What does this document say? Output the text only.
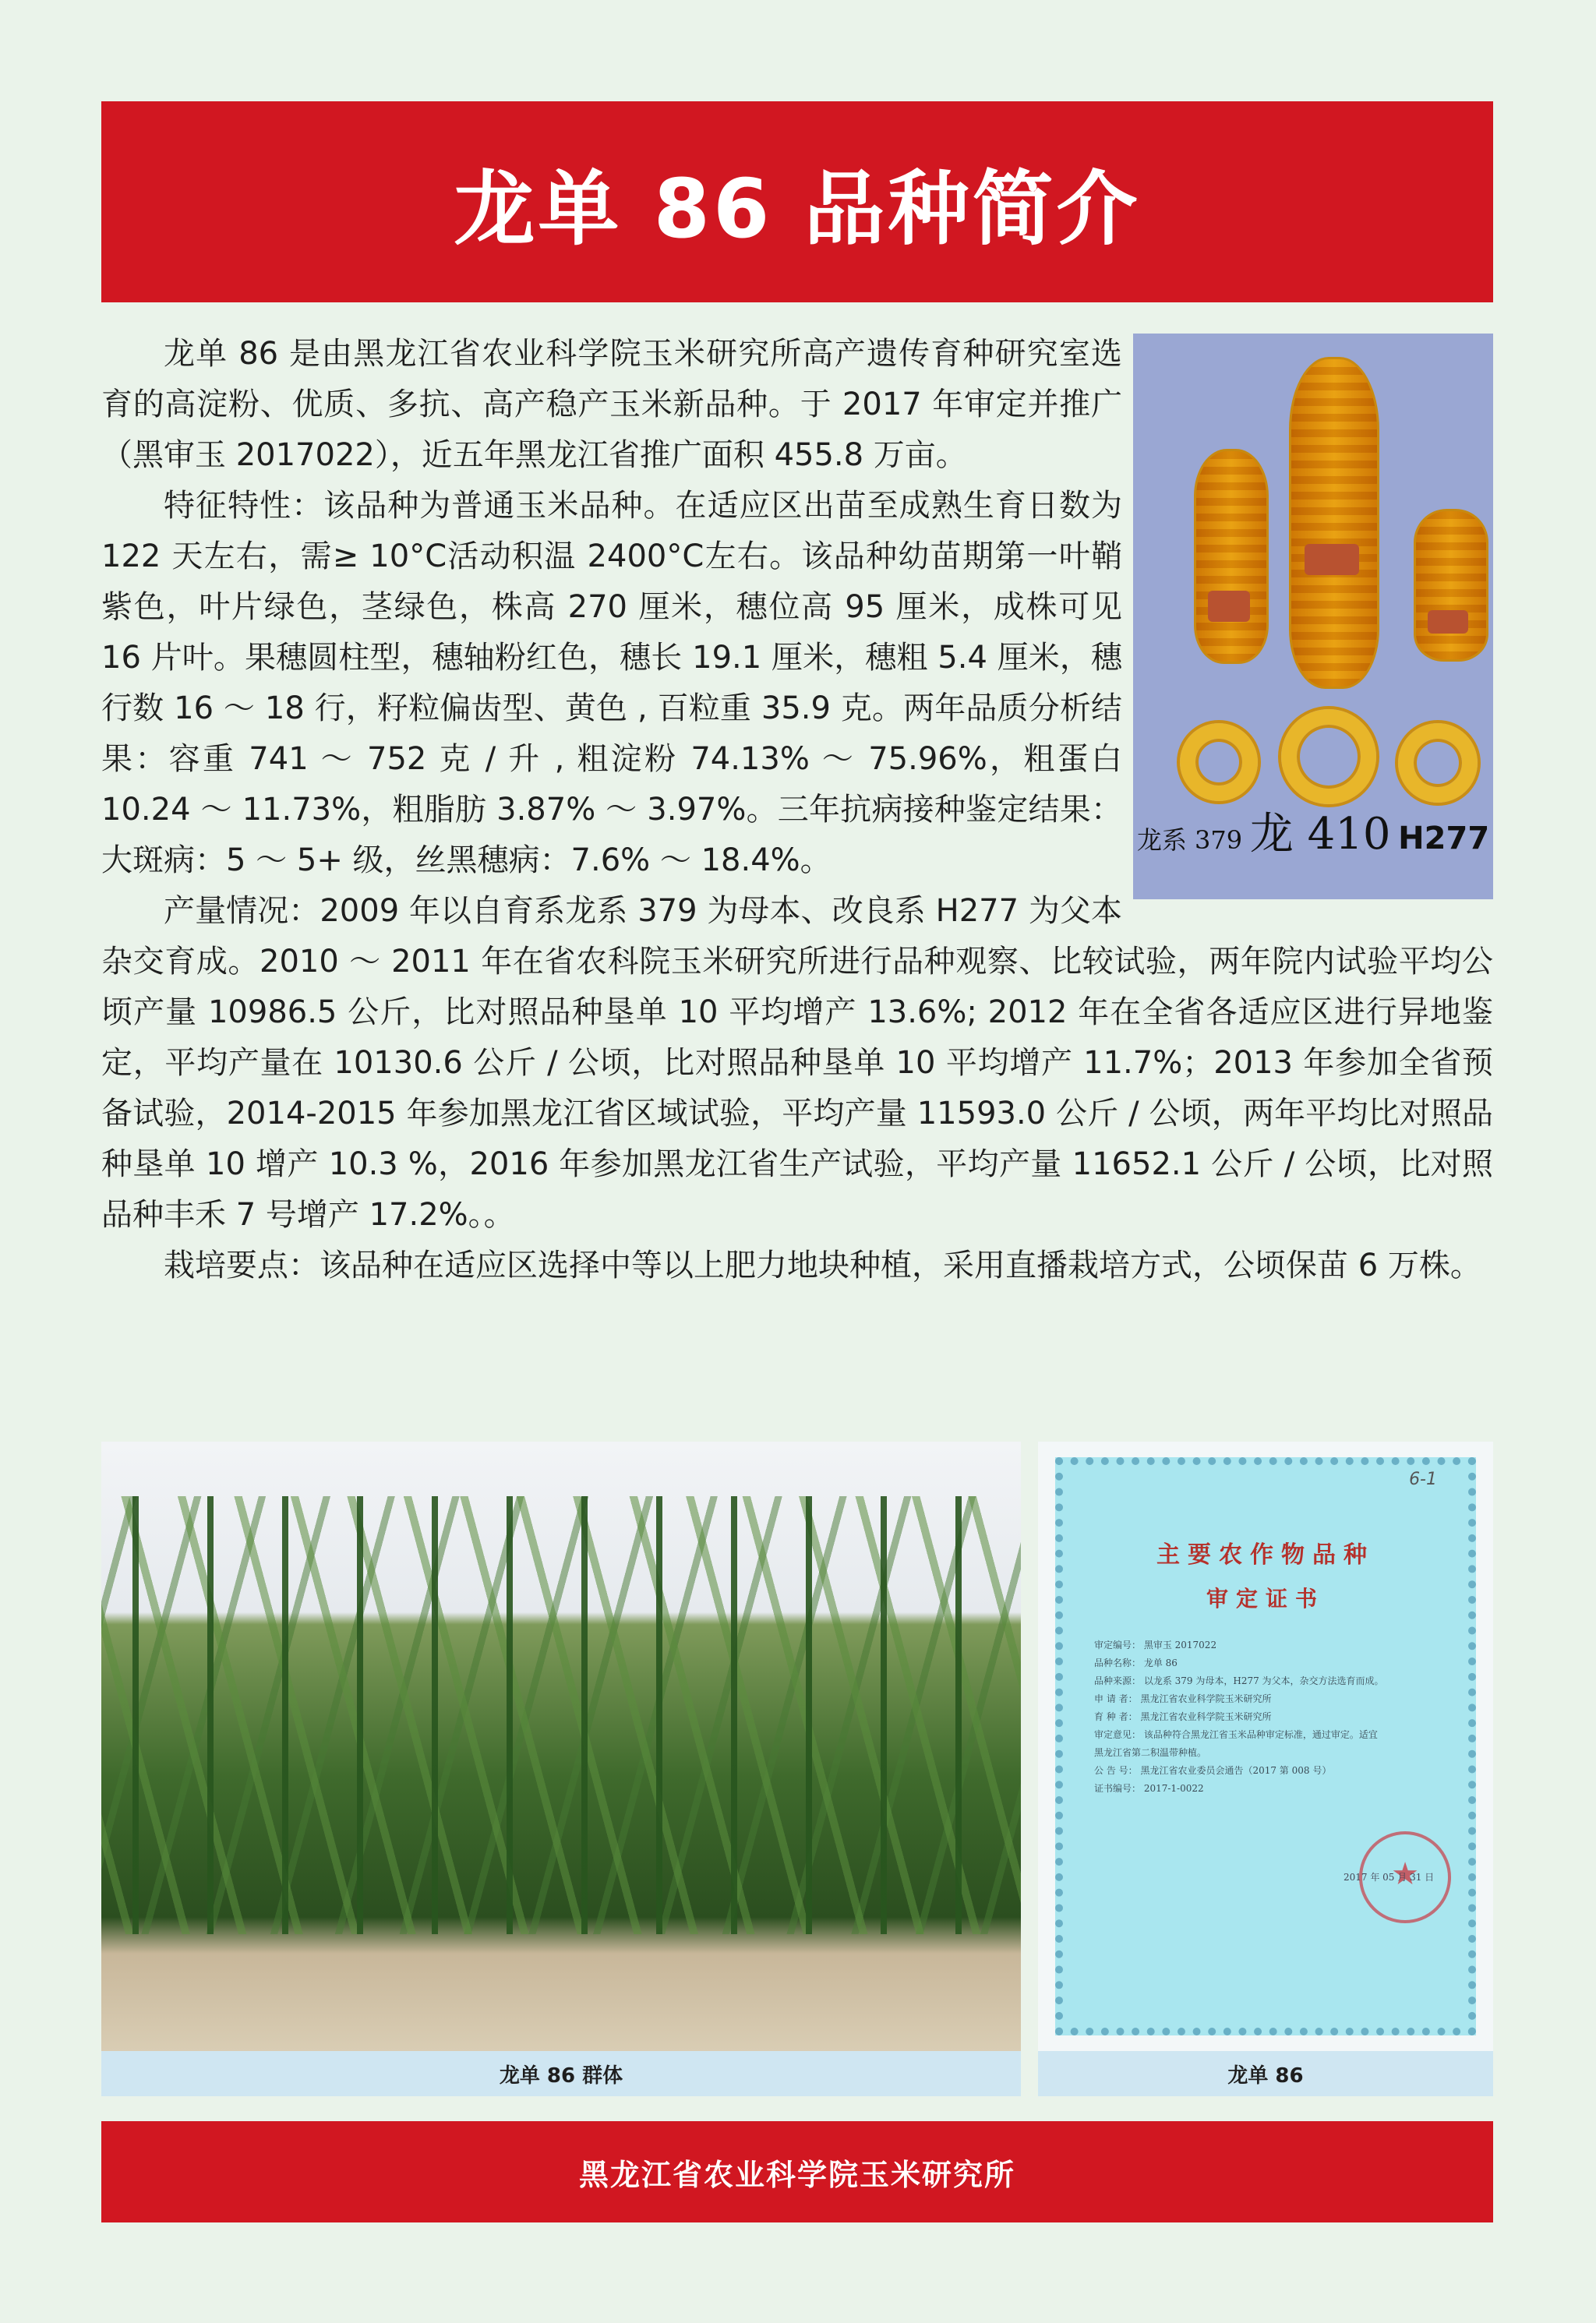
龙单 86 品种简介
龙系 379 龙 410 H277

龙单 86 是由黑龙江省农业科学院玉米研究所高产遗传育种研究室选育的高淀粉、优质、多抗、高产稳产玉米新品种。于 2017 年审定并推广（黑审玉 2017022），近五年黑龙江省推广面积 455.8 万亩。

特征特性：该品种为普通玉米品种。在适应区出苗至成熟生育日数为 122 天左右，需≥ 10°C活动积温 2400°C左右。该品种幼苗期第一叶鞘紫色，叶片绿色，茎绿色，株高 270 厘米，穗位高 95 厘米，成株可见 16 片叶。果穗圆柱型，穗轴粉红色，穗长 19.1 厘米，穗粗 5.4 厘米，穗行数 16 ～ 18 行，籽粒偏齿型、黄色 , 百粒重 35.9 克。两年品质分析结果：容重 741 ～ 752 克 / 升 , 粗淀粉 74.13% ～ 75.96%，粗蛋白 10.24 ～ 11.73%，粗脂肪 3.87% ～ 3.97%。三年抗病接种鉴定结果：大斑病：5 ～ 5+ 级，丝黑穗病：7.6% ～ 18.4%。

产量情况：2009 年以自育系龙系 379 为母本、改良系 H277 为父本杂交育成。2010 ～ 2011 年在省农科院玉米研究所进行品种观察、比较试验，两年院内试验平均公顷产量 10986.5 公斤，比对照品种垦单 10 平均增产 13.6%; 2012 年在全省各适应区进行异地鉴定，平均产量在 10130.6 公斤 / 公顷，比对照品种垦单 10 平均增产 11.7%；2013 年参加全省预备试验，2014-2015 年参加黑龙江省区域试验，平均产量 11593.0 公斤 / 公顷，两年平均比对照品种垦单 10 增产 10.3 %，2016 年参加黑龙江省生产试验，平均产量 11652.1 公斤 / 公顷，比对照品种丰禾 7 号增产 17.2%。。

栽培要点：该品种在适应区选择中等以上肥力地块种植，采用直播栽培方式，公顷保苗 6 万株。

6-1
主要农作物品种
审定证书
审定编号： 黑审玉 2017022
品种名称： 龙单 86
品种来源： 以龙系 379 为母本，H277 为父本，杂交方法选育而成。
申 请 者： 黑龙江省农业科学院玉米研究所
育 种 者： 黑龙江省农业科学院玉米研究所
审定意见： 该品种符合黑龙江省玉米品种审定标准，通过审定。适宜
黑龙江省第二积温带种植。
公 告 号： 黑龙江省农业委员会通告（2017 第 008 号）
证书编号： 2017-1-0022
★
2017 年 05 月 31 日
龙单 86 群体	龙单 86
黑龙江省农业科学院玉米研究所
